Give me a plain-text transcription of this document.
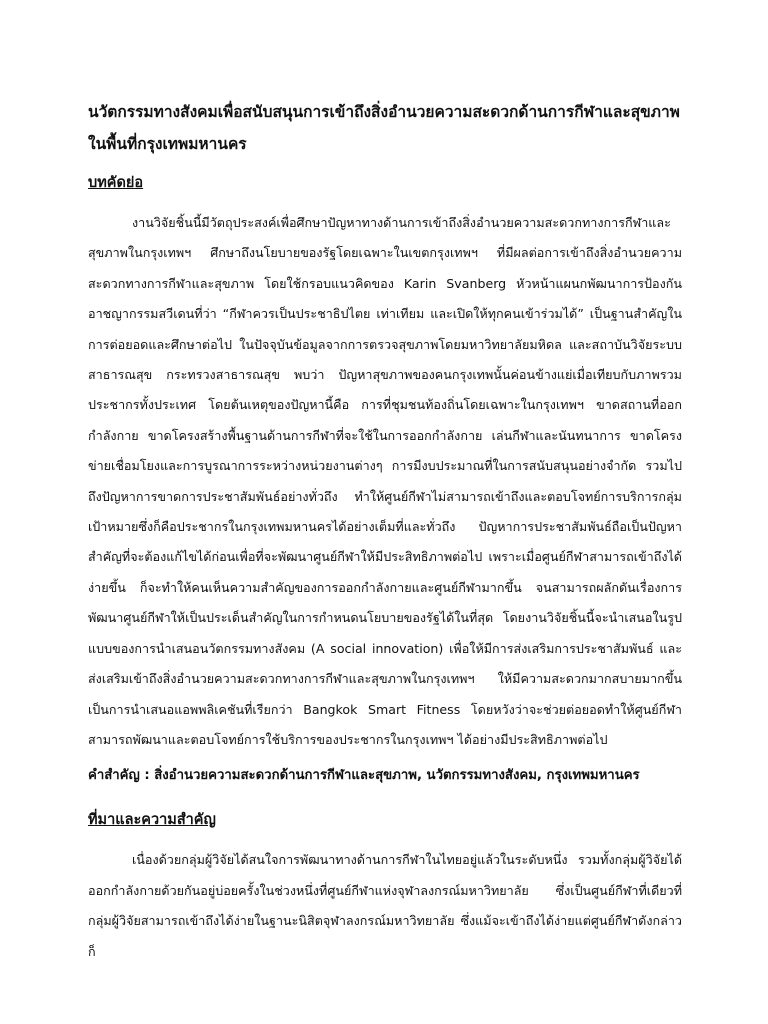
นวัตกรรมทางสังคมเพื่อสนับสนุนการเข้าถึงสิ่งอำนวยความสะดวกด้านการกีฬาและสุขภาพในพื้นที่กรุงเทพมหานคร
บทคัดย่อ

งานวิจัยชิ้นนี้มีวัตถุประสงค์เพื่อศึกษาปัญหาทางด้านการเข้าถึงสิ่งอำนวยความสะดวกทางการกีฬาและสุขภาพในกรุงเทพฯ ศึกษาถึงนโยบายของรัฐโดยเฉพาะในเขตกรุงเทพฯ ที่มีผลต่อการเข้าถึงสิ่งอำนวยความสะดวกทางการกีฬาและสุขภาพ โดยใช้กรอบแนวคิดของ Karin Svanberg หัวหน้าแผนกพัฒนาการป้องกันอาชญากรรมสวีเดนที่ว่า “กีฬาควรเป็นประชาธิปไตย เท่าเทียม และเปิดให้ทุกคนเข้าร่วมได้” เป็นฐานสำคัญในการต่อยอดและศึกษาต่อไป ในปัจจุบันข้อมูลจากการตรวจสุขภาพโดยมหาวิทยาลัยมหิดล และสถาบันวิจัยระบบสาธารณสุข กระทรวงสาธารณสุข พบว่า ปัญหาสุขภาพของคนกรุงเทพนั้นค่อนข้างแย่เมื่อเทียบกับภาพรวมประชากรทั้งประเทศ โดยต้นเหตุของปัญหานี้คือ การที่ชุมชนท้องถิ่นโดยเฉพาะในกรุงเทพฯ ขาดสถานที่ออกกำลังกาย ขาดโครงสร้างพื้นฐานด้านการกีฬาที่จะใช้ในการออกกำลังกาย เล่นกีฬาและนันทนาการ ขาดโครงข่ายเชื่อมโยงและการบูรณาการระหว่างหน่วยงานต่างๆ การมีงบประมาณที่ในการสนับสนุนอย่างจำกัด รวมไปถึงปัญหาการขาดการประชาสัมพันธ์อย่างทั่วถึง ทำให้ศูนย์กีฬาไม่สามารถเข้าถึงและตอบโจทย์การบริการกลุ่มเป้าหมายซึ่งก็คือประชากรในกรุงเทพมหานครได้อย่างเต็มที่และทั่วถึง ปัญหาการประชาสัมพันธ์ถือเป็นปัญหาสำคัญที่จะต้องแก้ไขได้ก่อนเพื่อที่จะพัฒนาศูนย์กีฬาให้มีประสิทธิภาพต่อไป เพราะเมื่อศูนย์กีฬาสามารถเข้าถึงได้ง่ายขึ้น ก็จะทำให้คนเห็นความสำคัญของการออกกำลังกายและศูนย์กีฬามากขึ้น จนสามารถผลักดันเรื่องการพัฒนาศูนย์กีฬาให้เป็นประเด็นสำคัญในการกำหนดนโยบายของรัฐได้ในที่สุด โดยงานวิจัยชิ้นนี้จะนำเสนอในรูปแบบของการนำเสนอนวัตกรรมทางสังคม (A social innovation) เพื่อให้มีการส่งเสริมการประชาสัมพันธ์ และส่งเสริมเข้าถึงสิ่งอำนวยความสะดวกทางการกีฬาและสุขภาพในกรุงเทพฯ ให้มีความสะดวกมากสบายมากขึ้น เป็นการนำเสนอแอพพลิเคชันที่เรียกว่า Bangkok Smart Fitness โดยหวังว่าจะช่วยต่อยอดทำให้ศูนย์กีฬาสามารถพัฒนาและตอบโจทย์การใช้บริการของประชากรในกรุงเทพฯ ได้อย่างมีประสิทธิภาพต่อไป

คำสำคัญ : สิ่งอำนวยความสะดวกด้านการกีฬาและสุขภาพ, นวัตกรรมทางสังคม, กรุงเทพมหานคร
ที่มาและความสำคัญ

เนื่องด้วยกลุ่มผู้วิจัยได้สนใจการพัฒนาทางด้านการกีฬาในไทยอยู่แล้วในระดับหนึ่ง รวมทั้งกลุ่มผู้วิจัยได้ออกกำลังกายด้วยกันอยู่บ่อยครั้งในช่วงหนึ่งที่ศูนย์กีฬาแห่งจุฬาลงกรณ์มหาวิทยาลัย ซึ่งเป็นศูนย์กีฬาที่เดียวที่กลุ่มผู้วิจัยสามารถเข้าถึงได้ง่ายในฐานะนิสิตจุฬาลงกรณ์มหาวิทยาลัย ซึ่งแม้จะเข้าถึงได้ง่ายแต่ศูนย์กีฬาดังกล่าวก็
